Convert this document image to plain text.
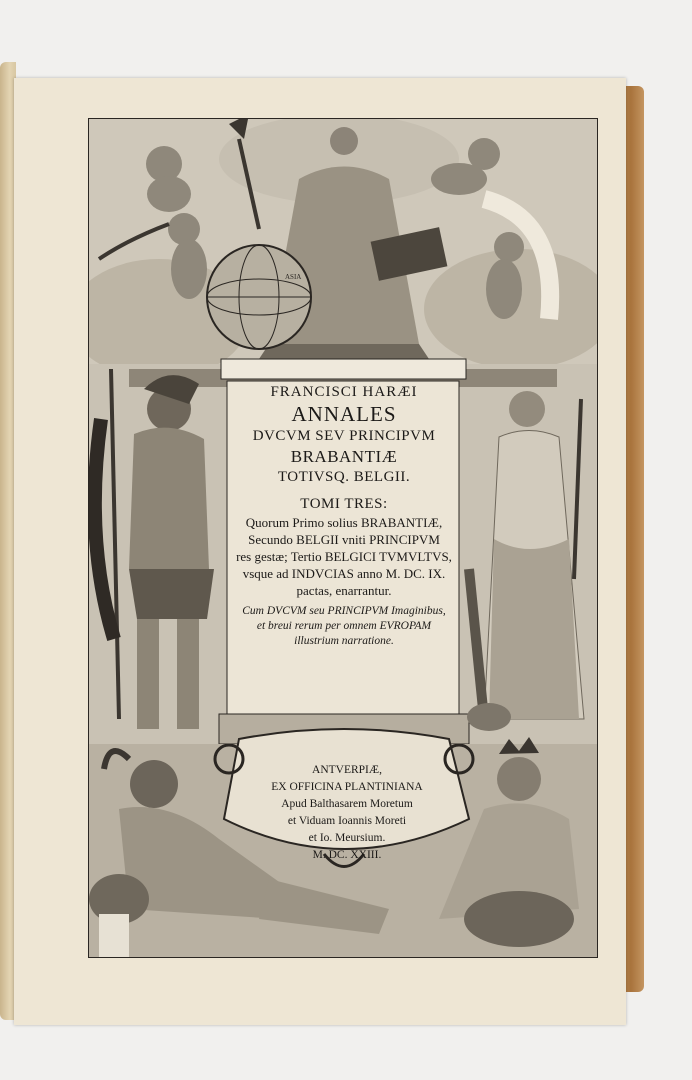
ASIA
FRANCISCI HARÆI
ANNALES
DVCVM SEV PRINCIPVM
BRABANTIÆ
TOTIVSQ. BELGII.
TOMI TRES:
Quorum Primo solius BRABANTIÆ,
Secundo BELGII vniti PRINCIPVM
res gestæ; Tertio BELGICI TVMVLTVS,
vsque ad INDVCIAS anno M. DC. IX.
pactas, enarrantur.
Cum DVCVM seu PRINCIPVM Imaginibus,
et breui rerum per omnem EVROPAM
illustrium narratione.
ANTVERPIÆ,
EX OFFICINA PLANTINIANA
Apud Balthasarem Moretum
et Viduam Ioannis Moreti
et Io. Meursium.
M. DC. XXIII.
